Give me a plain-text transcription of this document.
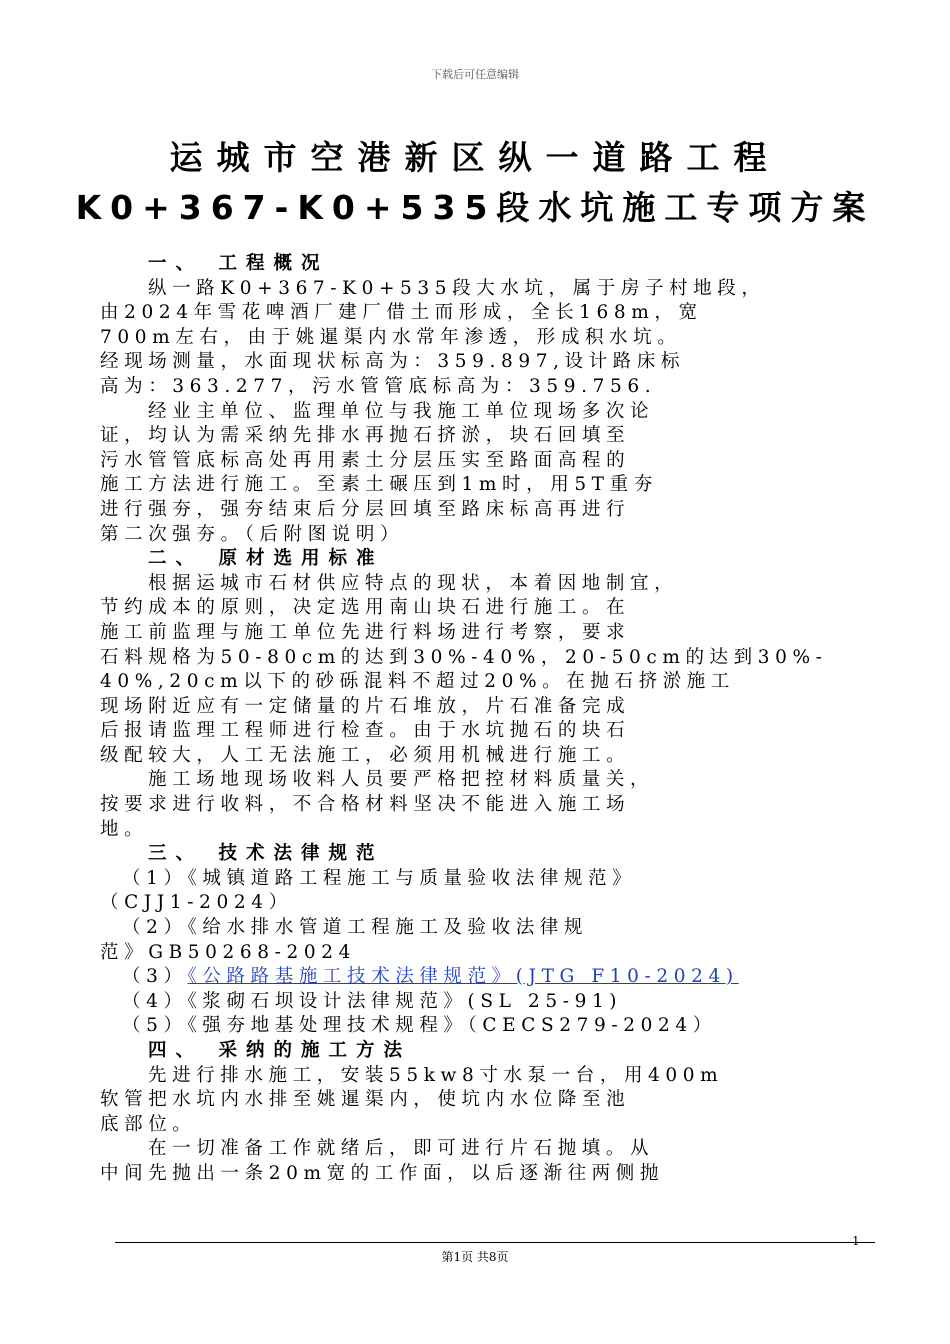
下载后可任意编辑
运城市空港新区纵一道路工程
K0+367-K0+535段水坑施工专项方案

一、 工程概况

纵一路K0+367-K0+535段大水坑，属于房子村地段，

由2024年雪花啤酒厂建厂借土而形成，全长168m，宽

700m左右，由于姚暹渠内水常年渗透，形成积水坑。

经现场测量，水面现状标高为：359.897,设计路床标

高为：363.277，污水管管底标高为：359.756.

经业主单位、监理单位与我施工单位现场多次论

证，均认为需采纳先排水再抛石挤淤，块石回填至

污水管管底标高处再用素土分层压实至路面高程的

施工方法进行施工。至素土碾压到1m时，用5T重夯

进行强夯，强夯结束后分层回填至路床标高再进行

第二次强夯。（后附图说明）

二、 原材选用标准

根据运城市石材供应特点的现状，本着因地制宜，

节约成本的原则，决定选用南山块石进行施工。在

施工前监理与施工单位先进行料场进行考察，要求

石料规格为50-80cm的达到30%-40%，20-50cm的达到30%-

40%,20cm以下的砂砾混料不超过20%。在抛石挤淤施工

现场附近应有一定储量的片石堆放，片石准备完成

后报请监理工程师进行检查。由于水坑抛石的块石

级配较大，人工无法施工，必须用机械进行施工。

施工场地现场收料人员要严格把控材料质量关，

按要求进行收料，不合格材料坚决不能进入施工场

地。

三、 技术法律规范

（1）《城镇道路工程施工与质量验收法律规范》

（CJJ1-2024）

（2）《给水排水管道工程施工及验收法律规

范》GB50268-2024

（3）《公路路基施工技术法律规范》(JTG F10-2024)

（4）《浆砌石坝设计法律规范》(SL 25-91)

（5）《强夯地基处理技术规程》（CECS279-2024）

四、 采纳的施工方法

先进行排水施工，安装55kw8寸水泵一台，用400m

软管把水坑内水排至姚暹渠内，使坑内水位降至池

底部位。

在一切准备工作就绪后，即可进行片石抛填。从

中间先抛出一条20m宽的工作面，以后逐渐往两侧抛

1
第1页 共8页
